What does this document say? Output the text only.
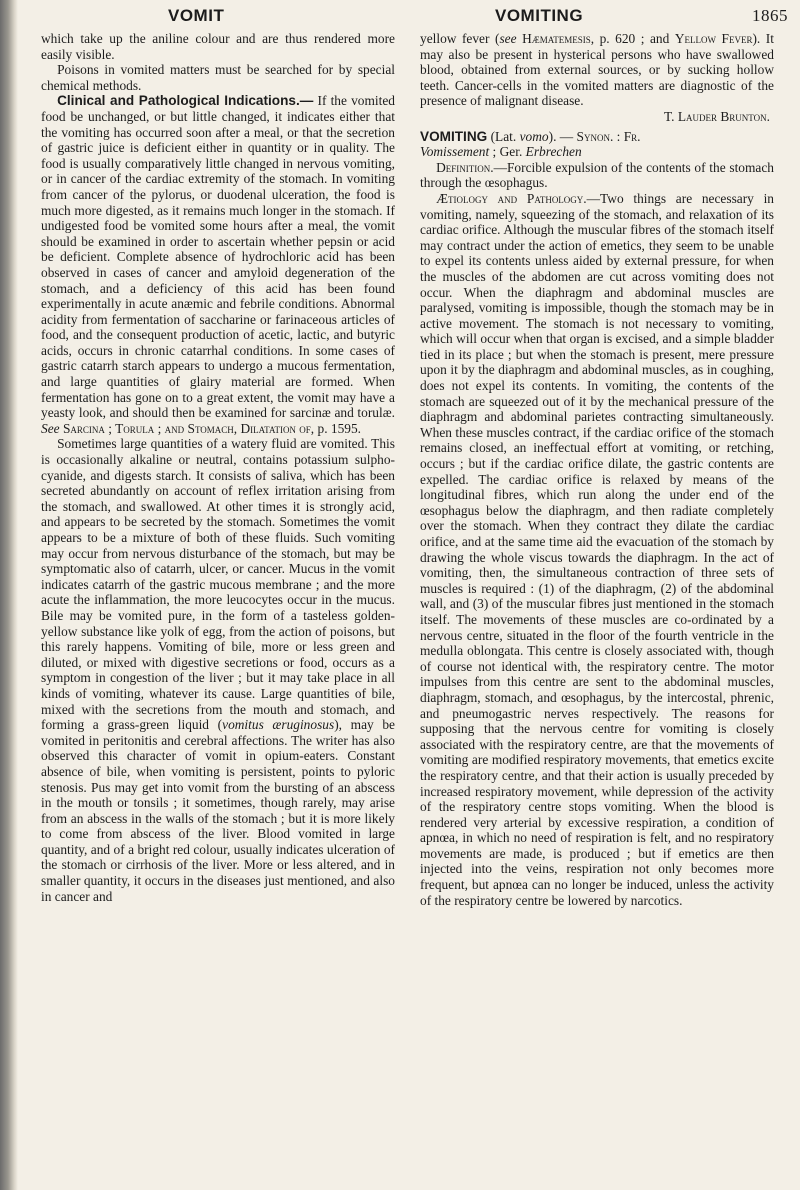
VOMIT	VOMITING	1865

which take up the aniline colour and are thus rendered more easily visible.

Poisons in vomited matters must be searched for by special chemical methods.

Clinical and Pathological Indications.— If the vomited food be unchanged, or but little changed, it indicates either that the vomiting has occurred soon after a meal, or that the secretion of gastric juice is deficient either in quantity or in quality. The food is usually comparatively little changed in nervous vomiting, or in cancer of the cardiac extremity of the stomach. In vomiting from cancer of the pylorus, or duodenal ulceration, the food is much more digested, as it remains much longer in the stomach. If undigested food be vomited some hours after a meal, the vomit should be examined in order to ascertain whether pepsin or acid be deficient. Complete absence of hydrochloric acid has been observed in cases of cancer and amyloid degeneration of the stomach, and a deficiency of this acid has been found experimentally in acute anæmic and febrile conditions. Abnormal acidity from fermentation of saccharine or farinaceous articles of food, and the consequent production of acetic, lactic, and butyric acids, occurs in chronic catarrhal conditions. In some cases of gastric catarrh starch appears to undergo a mucous fermentation, and large quantities of glairy material are formed. When fermentation has gone on to a great extent, the vomit may have a yeasty look, and should then be examined for sarcinæ and torulæ. See Sarcina ; Torula ; and Stomach, Dilatation of, p. 1595.

Sometimes large quantities of a watery fluid are vomited. This is occasionally alkaline or neutral, contains potassium sulpho-cyanide, and digests starch. It consists of saliva, which has been secreted abundantly on account of reflex irritation arising from the stomach, and swallowed. At other times it is strongly acid, and appears to be secreted by the stomach. Sometimes the vomit appears to be a mixture of both of these fluids. Such vomiting may occur from nervous disturbance of the stomach, but may be symptomatic also of catarrh, ulcer, or cancer. Mucus in the vomit indicates catarrh of the gastric mucous membrane ; and the more acute the inflammation, the more leucocytes occur in the mucus. Bile may be vomited pure, in the form of a tasteless golden-yellow substance like yolk of egg, from the action of poisons, but this rarely happens. Vomiting of bile, more or less green and diluted, or mixed with digestive secretions or food, occurs as a symptom in congestion of the liver ; but it may take place in all kinds of vomiting, whatever its cause. Large quantities of bile, mixed with the secretions from the mouth and stomach, and forming a grass-green liquid (vomitus æruginosus), may be vomited in peritonitis and cerebral affections. The writer has also observed this character of vomit in opium-eaters. Constant absence of bile, when vomiting is persistent, points to pyloric stenosis. Pus may get into vomit from the bursting of an abscess in the mouth or tonsils ; it sometimes, though rarely, may arise from an abscess in the walls of the stomach ; but it is more likely to come from abscess of the liver. Blood vomited in large quantity, and of a bright red colour, usually indicates ulceration of the stomach or cirrhosis of the liver. More or less altered, and in smaller quantity, it occurs in the diseases just mentioned, and also in cancer and

yellow fever (see Hæmatemesis, p. 620 ; and Yellow Fever). It may also be present in hysterical persons who have swallowed blood, obtained from external sources, or by sucking hollow teeth. Cancer-cells in the vomited matters are diagnostic of the presence of malignant disease.

T. Lauder Brunton.

VOMITING (Lat. vomo). — Synon. : Fr.
Vomissement ; Ger. Erbrechen

Definition.—Forcible expulsion of the contents of the stomach through the œsophagus.

Ætiology and Pathology.—Two things are necessary in vomiting, namely, squeezing of the stomach, and relaxation of its cardiac orifice. Although the muscular fibres of the stomach itself may contract under the action of emetics, they seem to be unable to expel its contents unless aided by external pressure, for when the muscles of the abdomen are cut across vomiting does not occur. When the diaphragm and abdominal muscles are paralysed, vomiting is impossible, though the stomach may be in active movement. The stomach is not necessary to vomiting, which will occur when that organ is excised, and a simple bladder tied in its place ; but when the stomach is present, mere pressure upon it by the diaphragm and abdominal muscles, as in coughing, does not expel its contents. In vomiting, the contents of the stomach are squeezed out of it by the mechanical pressure of the diaphragm and abdominal parietes contracting simultaneously. When these muscles contract, if the cardiac orifice of the stomach remains closed, an ineffectual effort at vomiting, or retching, occurs ; but if the cardiac orifice dilate, the gastric contents are expelled. The cardiac orifice is relaxed by means of the longitudinal fibres, which run along the under end of the œsophagus below the diaphragm, and then radiate completely over the stomach. When they contract they dilate the cardiac orifice, and at the same time aid the evacuation of the stomach by drawing the whole viscus towards the diaphragm. In the act of vomiting, then, the simultaneous contraction of three sets of muscles is required : (1) of the diaphragm, (2) of the abdominal wall, and (3) of the muscular fibres just mentioned in the stomach itself. The movements of these muscles are co-ordinated by a nervous centre, situated in the floor of the fourth ventricle in the medulla oblongata. This centre is closely associated with, though of course not identical with, the respiratory centre. The motor impulses from this centre are sent to the abdominal muscles, diaphragm, stomach, and œsophagus, by the intercostal, phrenic, and pneumogastric nerves respectively. The reasons for supposing that the nervous centre for vomiting is closely associated with the respiratory centre, are that the movements of vomiting are modified respiratory movements, that emetics excite the respiratory centre, and that their action is usually preceded by increased respiratory movement, while depression of the activity of the respiratory centre stops vomiting. When the blood is rendered very arterial by excessive respiration, a condition of apnœa, in which no need of respiration is felt, and no respiratory movements are made, is produced ; but if emetics are then injected into the veins, respiration not only becomes more frequent, but apnœa can no longer be induced, unless the activity of the respiratory centre be lowered by narcotics.
